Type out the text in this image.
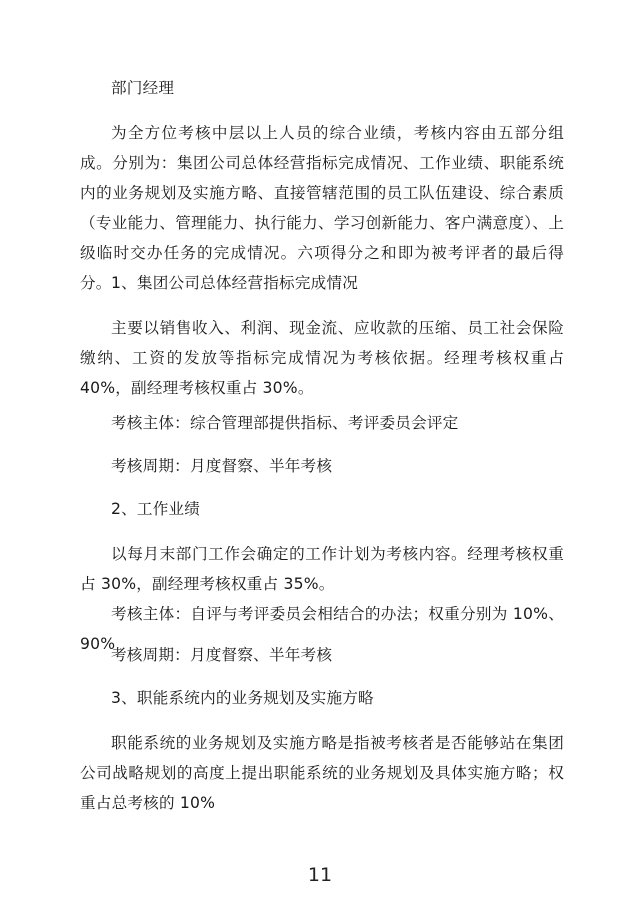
部门经理

为全方位考核中层以上人员的综合业绩，考核内容由五部分组成。分别为：集团公司总体经营指标完成情况、工作业绩、职能系统内的业务规划及实施方略、直接管辖范围的员工队伍建设、综合素质（专业能力、管理能力、执行能力、学习创新能力、客户满意度）、上级临时交办任务的完成情况。六项得分之和即为被考评者的最后得分。 1、集团公司总体经营指标完成情况

主要以销售收入、利润、现金流、应收款的压缩、员工社会保险缴纳、工资的发放等指标完成情况为考核依据。经理考核权重占 40%，副经理考核权重占 30%。

考核主体：综合管理部提供指标、考评委员会评定

考核周期：月度督察、半年考核

2、工作业绩

以每月末部门工作会确定的工作计划为考核内容。经理考核权重占 30%，副经理考核权重占 35%。

考核主体：自评与考评委员会相结合的办法；权重分别为 10%、90%

考核周期：月度督察、半年考核

3、职能系统内的业务规划及实施方略

职能系统的业务规划及实施方略是指被考核者是否能够站在集团公司战略规划的高度上提出职能系统的业务规划及具体实施方略；权重占总考核的 10%

11
